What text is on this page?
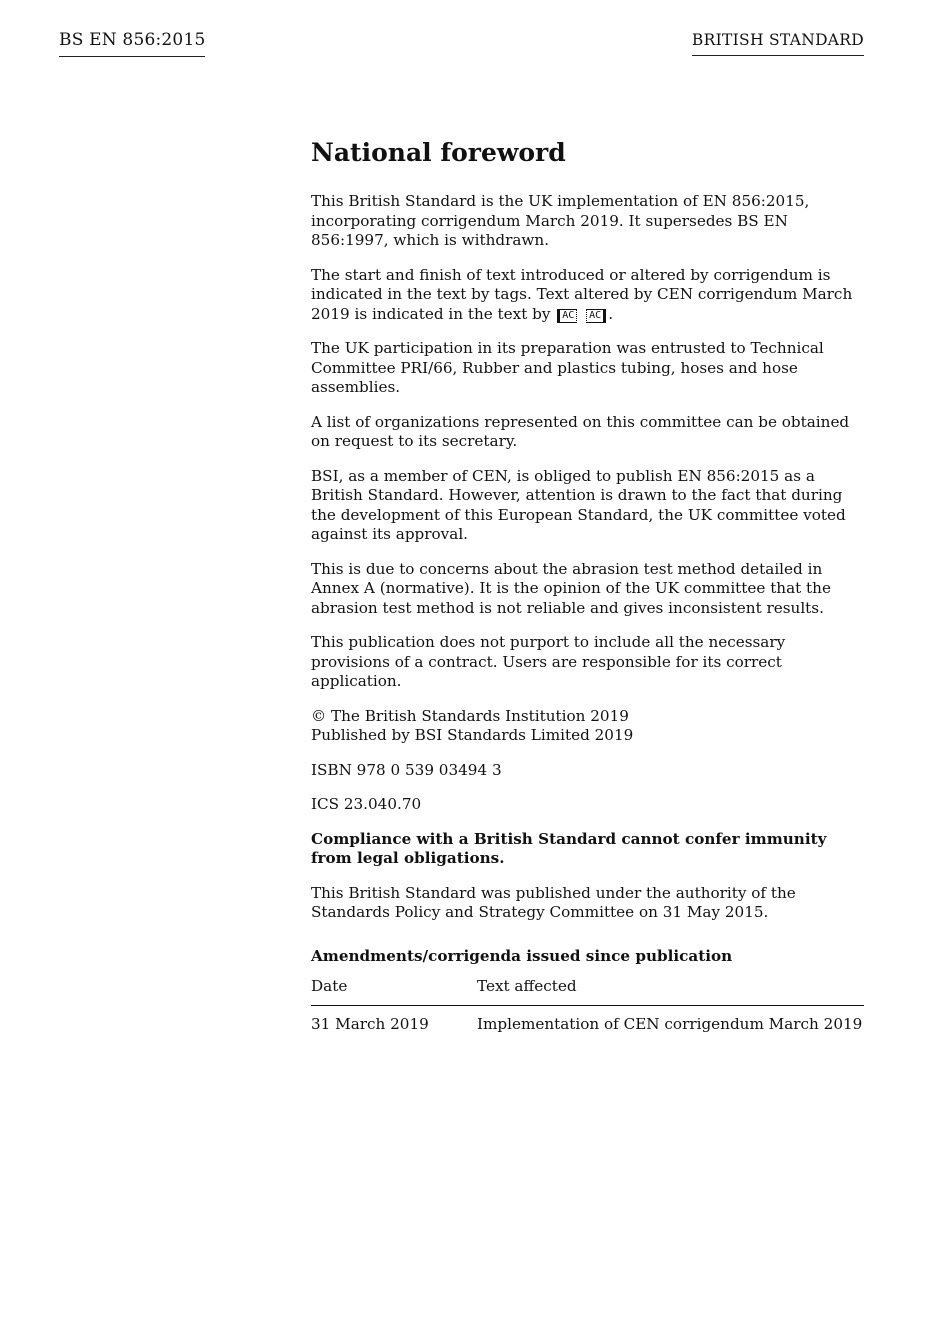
BS EN 856:2015	BRITISH STANDARD
National foreword

This British Standard is the UK implementation of EN 856:2015, incorporating corrigendum March 2019. It supersedes BS EN 856:1997, which is withdrawn.

The start and finish of text introduced or altered by corrigendum is indicated in the text by tags. Text altered by CEN corrigendum March 2019 is indicated in the text by AC AC .

The UK participation in its preparation was entrusted to Technical Committee PRI/66, Rubber and plastics tubing, hoses and hose assemblies.

A list of organizations represented on this committee can be obtained on request to its secretary.

BSI, as a member of CEN, is obliged to publish EN 856:2015 as a British Standard. However, attention is drawn to the fact that during the development of this European Standard, the UK committee voted against its approval.

This is due to concerns about the abrasion test method detailed in Annex A (normative). It is the opinion of the UK committee that the abrasion test method is not reliable and gives inconsistent results.

This publication does not purport to include all the necessary provisions of a contract. Users are responsible for its correct application.

© The British Standards Institution 2019
Published by BSI Standards Limited 2019

ISBN 978 0 539 03494 3

ICS 23.040.70

Compliance with a British Standard cannot confer immunity from legal obligations.

This British Standard was published under the authority of the Standards Policy and Strategy Committee on 31 May 2015.

Amendments/corrigenda issued since publication
Date	Text affected
31 March 2019	Implementation of CEN corrigendum March 2019
